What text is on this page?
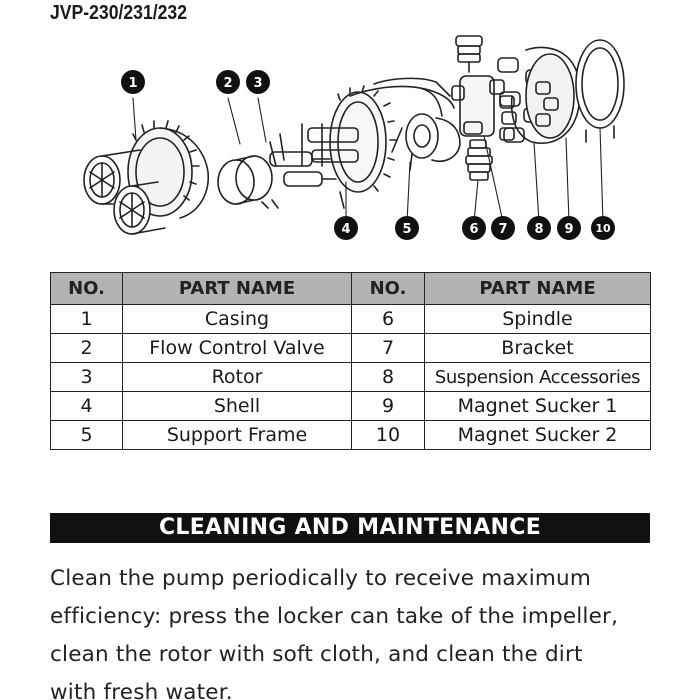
JVP-230/231/232
1	2 3
4	5	6 7 8 9 10
NO.	PART NAME	NO.	PART NAME
1	Casing	6	Spindle
2	Flow Control Valve	7	Bracket
3	Rotor	8	Suspension Accessories
4	Shell	9	Magnet Sucker 1
5	Support Frame	10	Magnet Sucker 2
CLEANING AND MAINTENANCE
Clean the pump periodically to receive maximum
efficiency: press the locker can take of the impeller,
clean the rotor with soft cloth, and clean the dirt
with fresh water.
